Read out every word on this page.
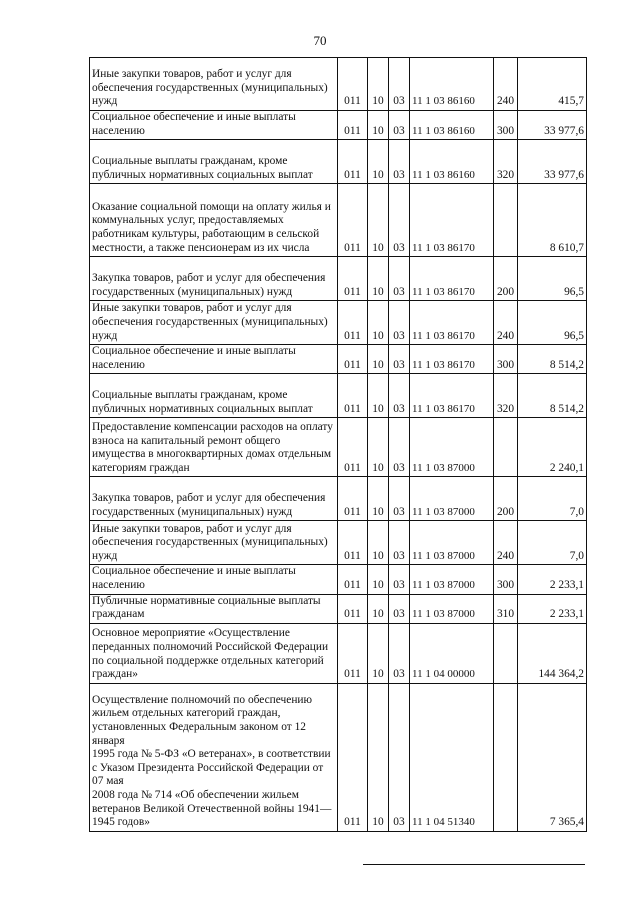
70
Иные закупки товаров, работ и услуг для обеспечения государственных (муниципальных) нужд	011	10	03	11 1 03 86160	240	415,7
Социальное обеспечение и иные выплаты населению	011	10	03	11 1 03 86160	300	33 977,6
Социальные выплаты гражданам, кроме публичных нормативных социальных выплат	011	10	03	11 1 03 86160	320	33 977,6
Оказание социальной помощи на оплату жилья и коммунальных услуг, предоставляемых работникам культуры, работающим в сельской местности, а также пенсионерам из их числа	011	10	03	11 1 03 86170		8 610,7
Закупка товаров, работ и услуг для обеспечения государственных (муниципальных) нужд	011	10	03	11 1 03 86170	200	96,5
Иные закупки товаров, работ и услуг для обеспечения государственных (муниципальных) нужд	011	10	03	11 1 03 86170	240	96,5
Социальное обеспечение и иные выплаты населению	011	10	03	11 1 03 86170	300	8 514,2
Социальные выплаты гражданам, кроме публичных нормативных социальных выплат	011	10	03	11 1 03 86170	320	8 514,2
Предоставление компенсации расходов на оплату взноса на капитальный ремонт общего имущества в многоквартирных домах отдельным категориям граждан	011	10	03	11 1 03 87000		2 240,1
Закупка товаров, работ и услуг для обеспечения государственных (муниципальных) нужд	011	10	03	11 1 03 87000	200	7,0
Иные закупки товаров, работ и услуг для обеспечения государственных (муниципальных) нужд	011	10	03	11 1 03 87000	240	7,0
Социальное обеспечение и иные выплаты населению	011	10	03	11 1 03 87000	300	2 233,1
Публичные нормативные социальные выплаты гражданам	011	10	03	11 1 03 87000	310	2 233,1
Основное мероприятие «Осуществление переданных полномочий Российской Федерации по социальной поддержке отдельных категорий граждан»	011	10	03	11 1 04 00000		144 364,2
Осуществление полномочий по обеспечению жильем отдельных категорий граждан, установленных Федеральным законом от 12 января
1995 года № 5-ФЗ «О ветеранах», в соответствии с Указом Президента Российской Федерации от 07 мая
2008 года № 714 «Об обеспечении жильем ветеранов Великой Отечественной войны 1941—1945 годов»	011	10	03	11 1 04 51340		7 365,4
